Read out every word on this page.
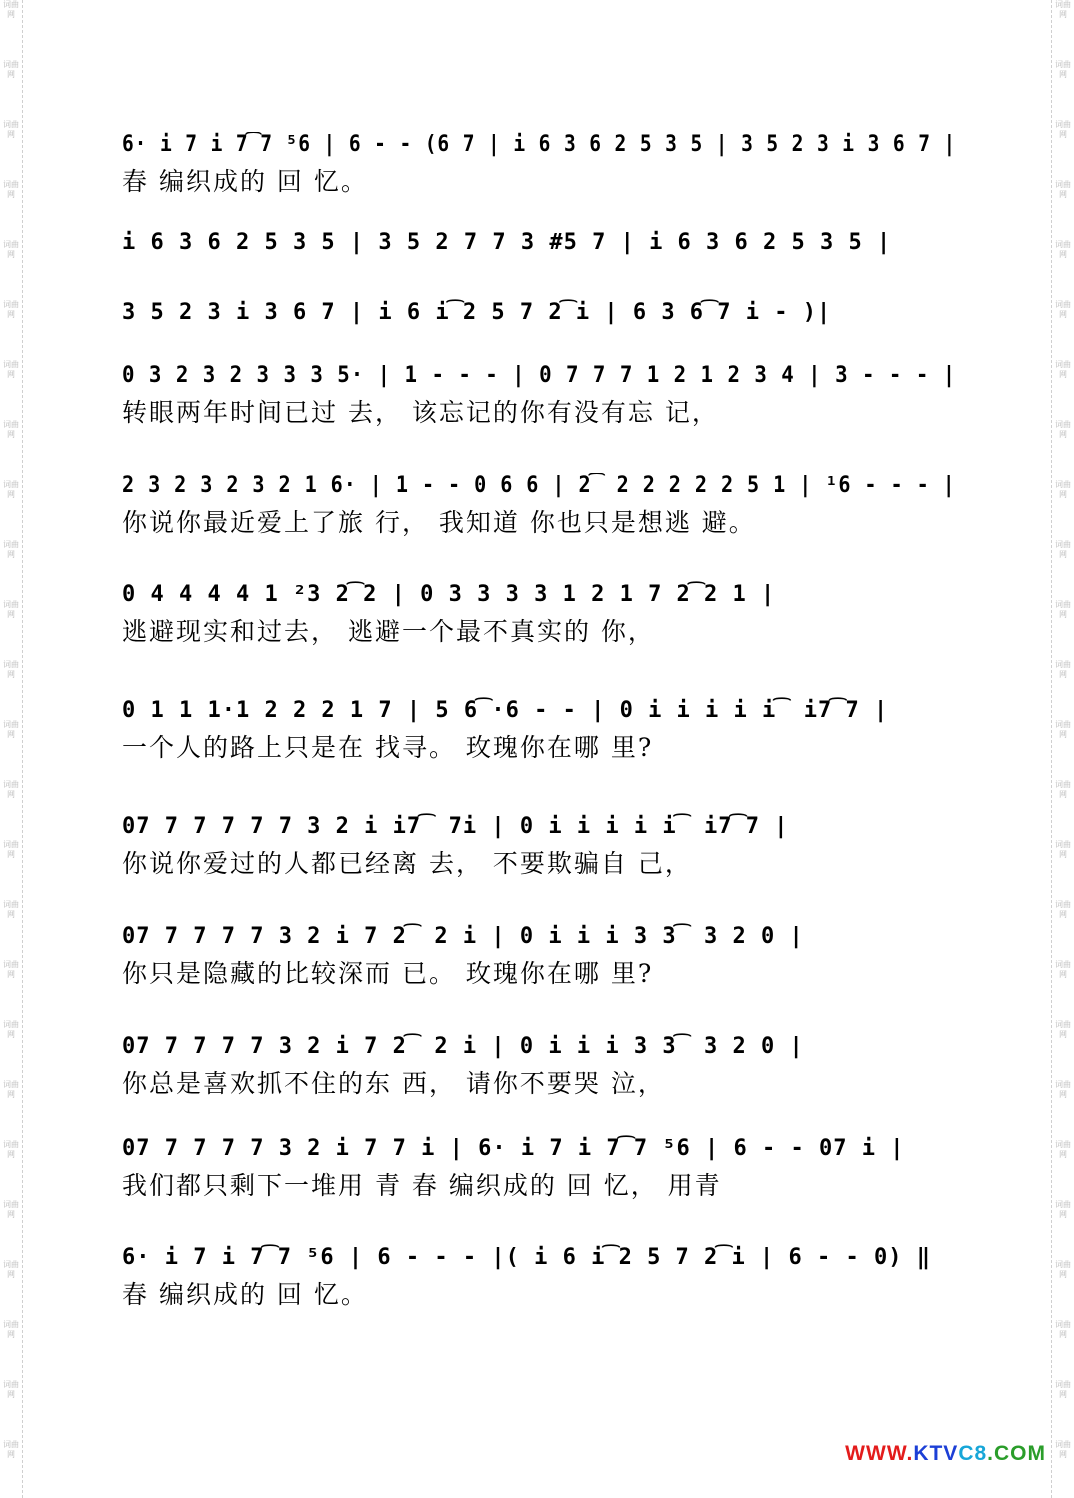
词曲网
词曲网
词曲网
词曲网
词曲网
词曲网
词曲网
词曲网
词曲网
词曲网
词曲网
词曲网
词曲网
词曲网
词曲网
词曲网
词曲网
词曲网
词曲网
词曲网
词曲网
词曲网
词曲网
词曲网
词曲网
词曲网
词曲网
词曲网
词曲网
词曲网
词曲网
词曲网
词曲网
词曲网
词曲网
词曲网
词曲网
词曲网
词曲网
词曲网
词曲网
词曲网
词曲网
词曲网
词曲网
词曲网
词曲网
词曲网
词曲网
词曲网
6· i 7 i 7͡7 ⁵6 | 6 - - (6 7 | i 6 3 6 2 5 3 5 | 3 5 2 3 i 3 6 7 |
春 编织成的 回 忆。
i 6 3 6 2 5 3 5 | 3 5 2 7 7 3 #5 7 | i 6 3 6 2 5 3 5 |
3 5 2 3 i 3 6 7 | i 6 i͡2 5 7 2͡i | 6 3 6͡7 i - )|
0 3 2 3 2 3 3 3 5· | 1 - - - | 0 7 7 7 1 2 1 2 3 4 | 3 - - - |
转眼两年时间已过 去， 该忘记的你有没有忘 记，
2 3 2 3 2 3 2 1 6· | 1 - - 0 6 6 | 2͡ 2 2 2 2 2 5 1 | ¹6 - - - |
你说你最近爱上了旅 行， 我知道 你也只是想逃 避。
0 4 4 4 4 1 ²3 2͡2 | 0 3 3 3 3 1 2 1 7 2͡2 1 |
逃避现实和过去， 逃避一个最不真实的 你，
0 1 1 1·1 2 2 2 1 7 | 5 6͡·6 - - | 0 i i i i i͡ i7͡7 |
一个人的路上只是在 找寻。 玫瑰你在哪 里?
07 7 7 7 7 7 3 2 i i7͡ 7i | 0 i i i i i͡ i7͡7 |
你说你爱过的人都已经离 去， 不要欺骗自 己，
07 7 7 7 7 3 2 i 7 2͡ 2 i | 0 i i i 3 3͡ 3 2 0 |
你只是隐藏的比较深而 已。 玫瑰你在哪 里?
07 7 7 7 7 3 2 i 7 2͡ 2 i | 0 i i i 3 3͡ 3 2 0 |
你总是喜欢抓不住的东 西， 请你不要哭 泣，
07 7 7 7 7 3 2 i 7 7 i | 6· i 7 i 7͡7 ⁵6 | 6 - - 07 i |
我们都只剩下一堆用 青 春 编织成的 回 忆， 用青
6· i 7 i 7͡7 ⁵6 | 6 - - - |( i 6 i͡2 5 7 2͡i | 6 - - 0) ‖
春 编织成的 回 忆。
WWW.KTVC8.COM
